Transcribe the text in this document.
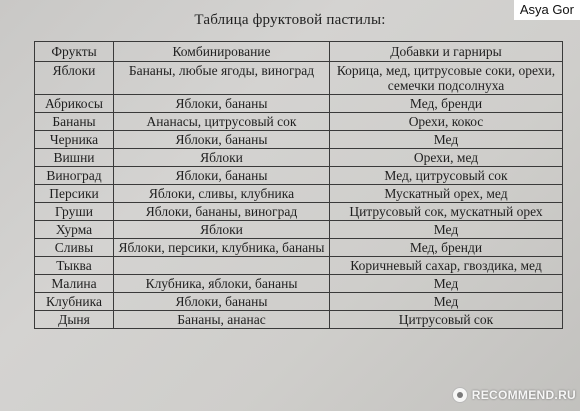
Таблица фруктовой пастилы:
Фрукты	Комбинирование	Добавки и гарниры
Яблоки	Бананы, любые ягоды, виноград	Корица, мед, цитрусовые соки, орехи, семечки подсолнуха
Абрикосы	Яблоки, бананы	Мед, бренди
Бананы	Ананасы, цитрусовый сок	Орехи, кокос
Черника	Яблоки, бананы	Мед
Вишни	Яблоки	Орехи, мед
Виноград	Яблоки, бананы	Мед, цитрусовый сок
Персики	Яблоки, сливы, клубника	Мускатный орех, мед
Груши	Яблоки, бананы, виноград	Цитрусовый сок, мускатный орех
Хурма	Яблоки	Мед
Сливы	Яблоки, персики, клубника, бананы	Мед, бренди
Тыква		Коричневый сахар, гвоздика, мед
Малина	Клубника, яблоки, бананы	Мед
Клубника	Яблоки, бананы	Мед
Дыня	Бананы, ананас	Цитрусовый сок
Asya Gor
RECOMMEND.RU
